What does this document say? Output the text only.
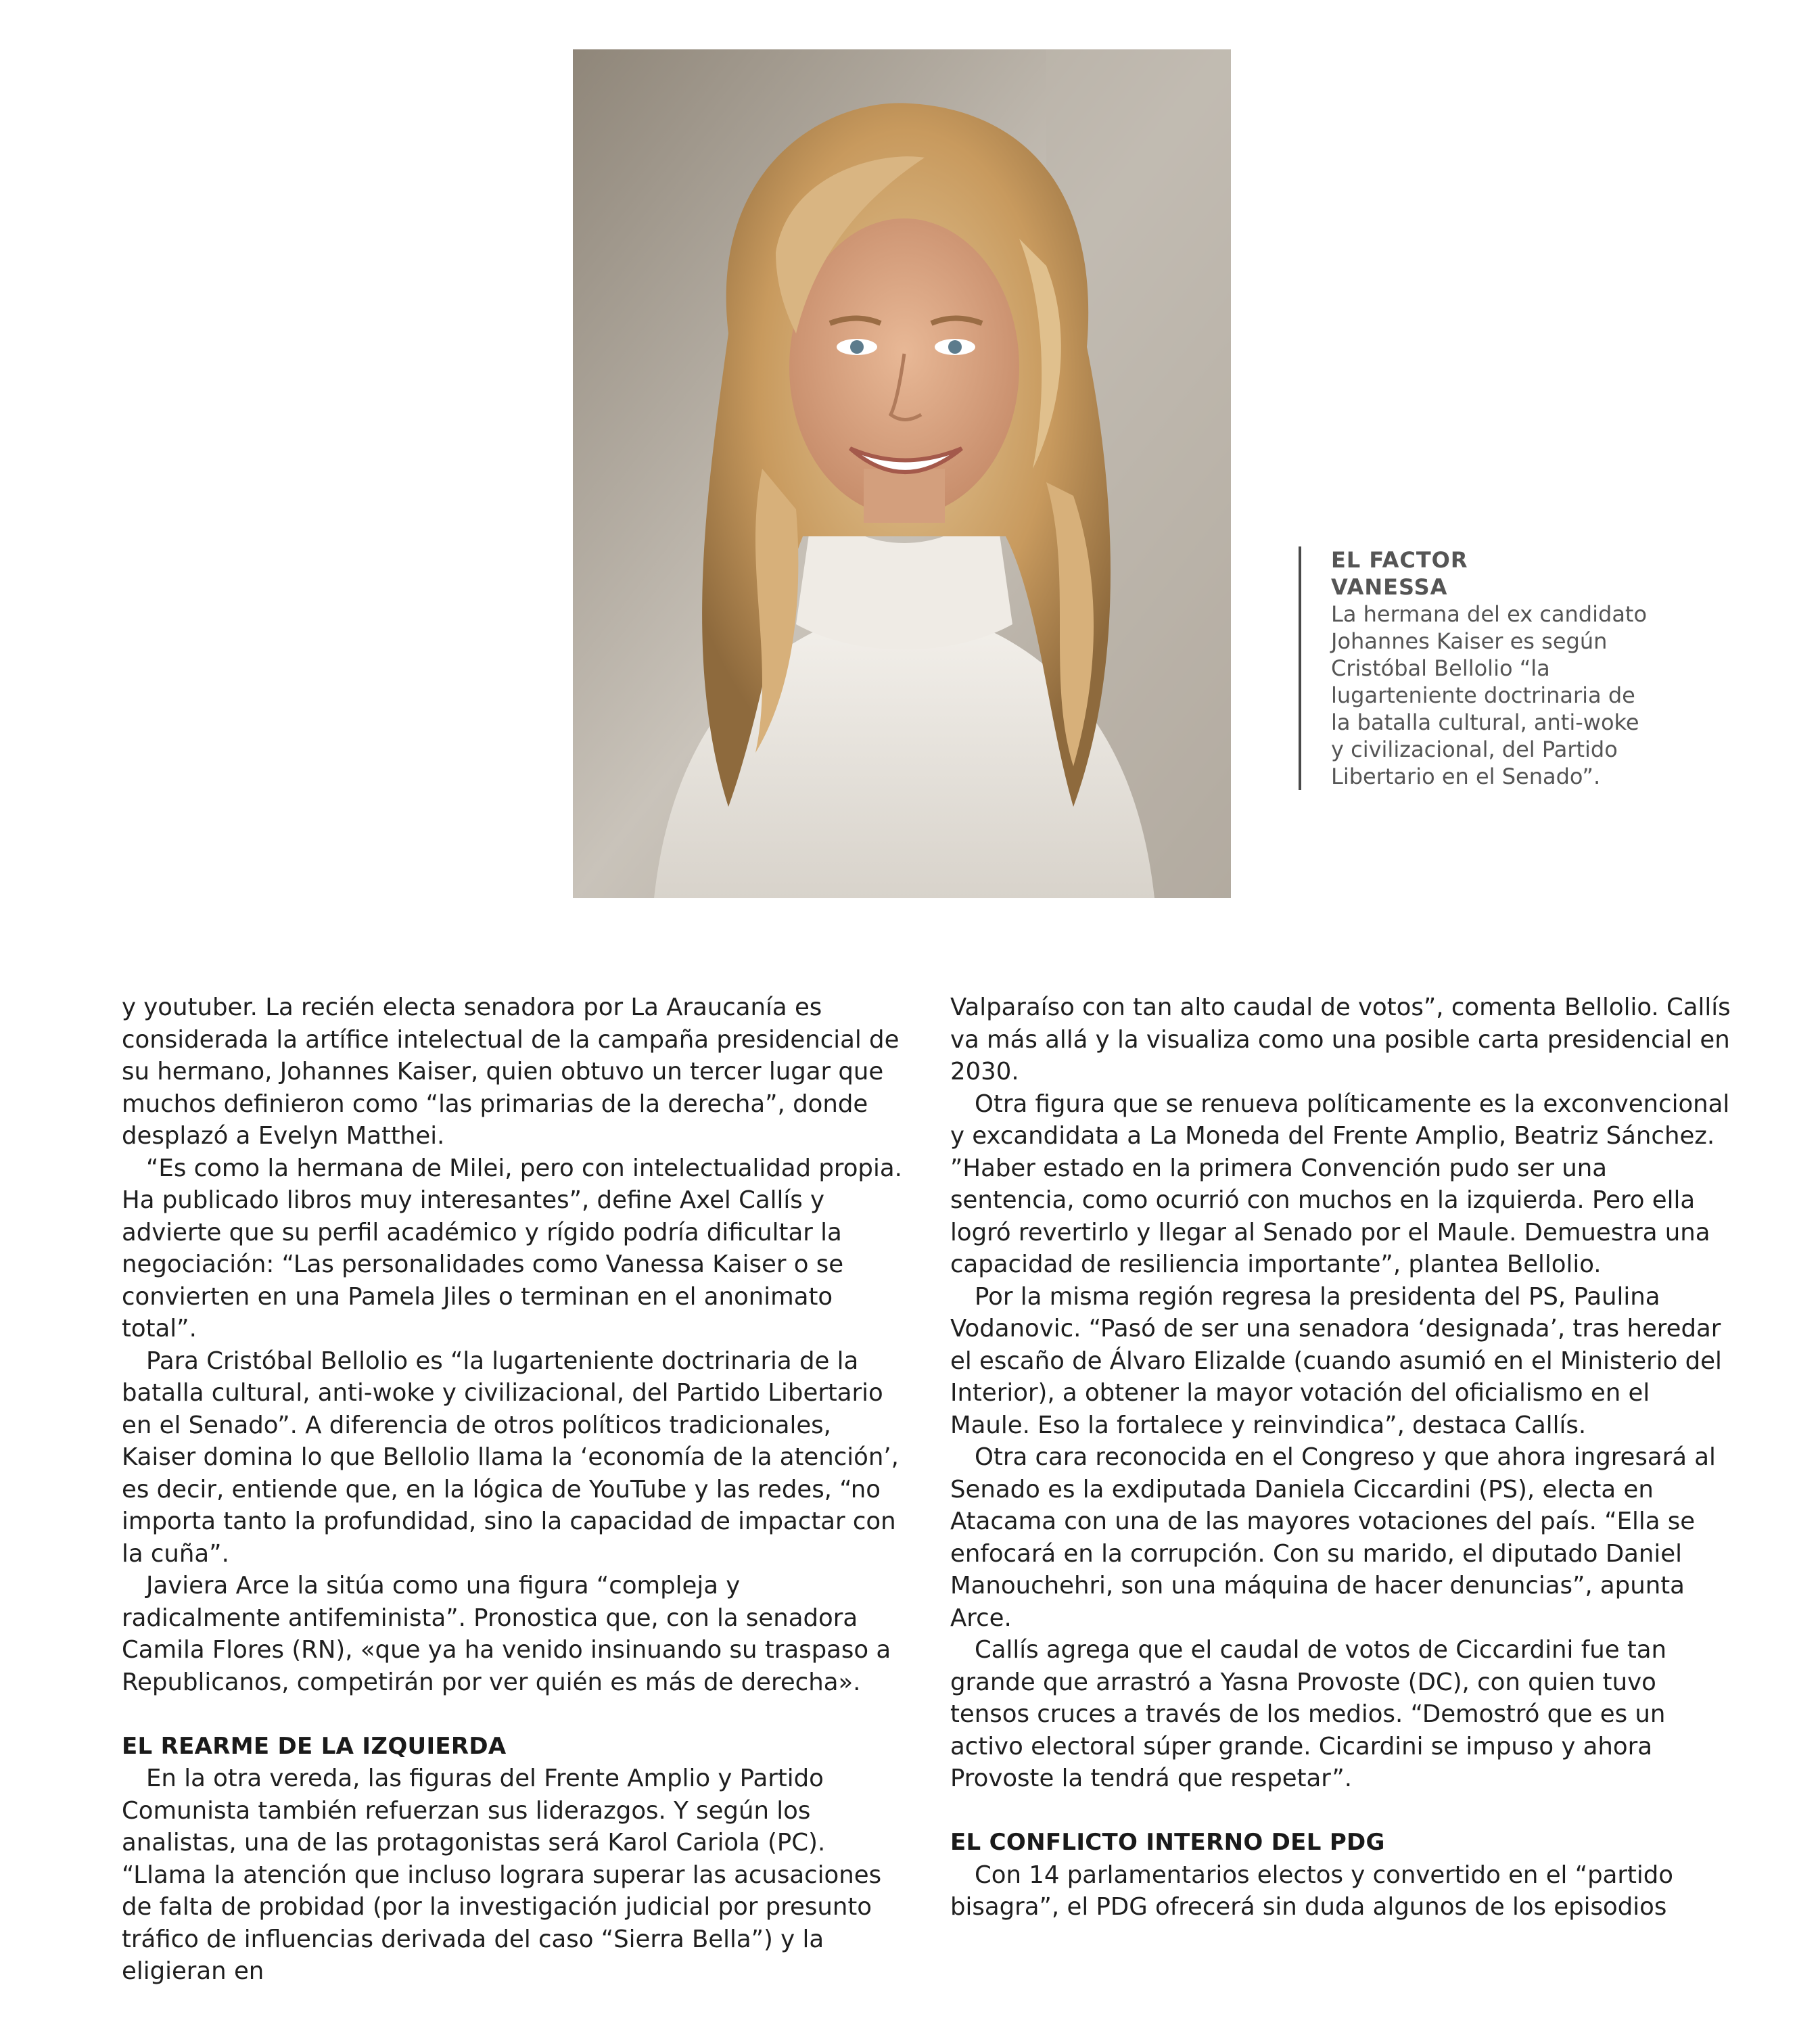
EL FACTOR VANESSA
La hermana del ex candidato Johannes Kaiser es según Cristóbal Bellolio “la lugarteniente doctrinaria de la batalla cultural, anti-woke y civilizacional, del Partido Libertario en el Senado”.

y youtuber. La recién electa senadora por La Araucanía es considerada la artífice intelectual de la campaña presidencial de su hermano, Johannes Kaiser, quien obtuvo un tercer lugar que muchos definieron como “las primarias de la derecha”, donde desplazó a Evelyn Matthei.

“Es como la hermana de Milei, pero con intelectualidad propia. Ha publicado libros muy interesantes”, define Axel Callís y advierte que su perfil académico y rígido podría dificultar la negociación: “Las personalidades como Vanessa Kaiser o se convierten en una Pamela Jiles o terminan en el anonimato total”.

Para Cristóbal Bellolio es “la lugarteniente doctrinaria de la batalla cultural, anti-woke y civilizacional, del Partido Libertario en el Senado”. A diferencia de otros políticos tradicionales, Kaiser domina lo que Bellolio llama la ‘economía de la atención’, es decir, entiende que, en la lógica de YouTube y las redes, “no importa tanto la profundidad, sino la capacidad de impactar con la cuña”.

Javiera Arce la sitúa como una figura “compleja y radicalmente antifeminista”. Pronostica que, con la senadora Camila Flores (RN), «que ya ha venido insinuando su traspaso a Republicanos, competirán por ver quién es más de derecha».

EL REARME DE LA IZQUIERDA

En la otra vereda, las figuras del Frente Amplio y Partido Comunista también refuerzan sus liderazgos. Y según los analistas, una de las protagonistas será Karol Cariola (PC). “Llama la atención que incluso lograra superar las acusaciones de falta de probidad (por la investigación judicial por presunto tráfico de influencias derivada del caso “Sierra Bella”) y la eligieran en

Valparaíso con tan alto caudal de votos”, comenta Bellolio. Callís va más allá y la visualiza como una posible carta presidencial en 2030.

Otra figura que se renueva políticamente es la exconvencional y excandidata a La Moneda del Frente Amplio, Beatriz Sánchez. ”Haber estado en la primera Convención pudo ser una sentencia, como ocurrió con muchos en la izquierda. Pero ella logró revertirlo y llegar al Senado por el Maule. Demuestra una capacidad de resiliencia importante”, plantea Bellolio.

Por la misma región regresa la presidenta del PS, Paulina Vodanovic. “Pasó de ser una senadora ‘designada’, tras heredar el escaño de Álvaro Elizalde (cuando asumió en el Ministerio del Interior), a obtener la mayor votación del oficialismo en el Maule. Eso la fortalece y reinvindica”, destaca Callís.

Otra cara reconocida en el Congreso y que ahora ingresará al Senado es la exdiputada Daniela Ciccardini (PS), electa en Atacama con una de las mayores votaciones del país. “Ella se enfocará en la corrupción. Con su marido, el diputado Daniel Manouchehri, son una máquina de hacer denuncias”, apunta Arce.

Callís agrega que el caudal de votos de Ciccardini fue tan grande que arrastró a Yasna Provoste (DC), con quien tuvo tensos cruces a través de los medios. “Demostró que es un activo electoral súper grande. Cicardini se impuso y ahora Provoste la tendrá que respetar”.

EL CONFLICTO INTERNO DEL PDG

Con 14 parlamentarios electos y convertido en el “partido bisagra”, el PDG ofrecerá sin duda algunos de los episodios
